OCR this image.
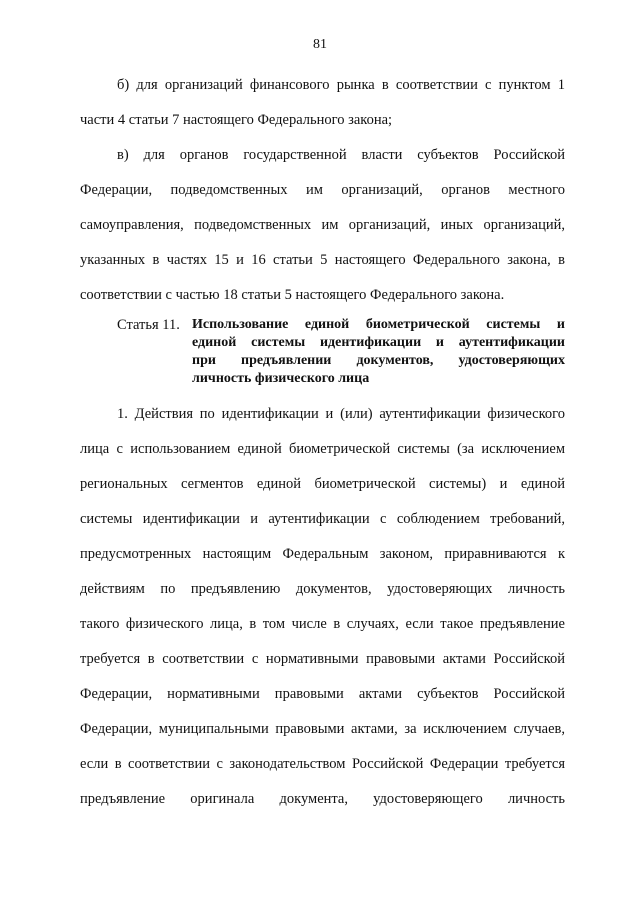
81
б) для организаций финансового рынка в соответствии с пунктом 1
части 4 статьи 7 настоящего Федерального закона;
в) для органов государственной власти субъектов Российской
Федерации, подведомственных им организаций, органов местного
самоуправления, подведомственных им организаций, иных организаций,
указанных в частях 15 и 16 статьи 5 настоящего Федерального закона, в
соответствии с частью 18 статьи 5 настоящего Федерального закона.
Статья 11. Использование единой биометрической системы и
единой системы идентификации и аутентификации
при предъявлении документов, удостоверяющих
личность физического лица
1. Действия по идентификации и (или) аутентификации физического
лица с использованием единой биометрической системы (за исключением
региональных сегментов единой биометрической системы) и единой
системы идентификации и аутентификации с соблюдением требований,
предусмотренных настоящим Федеральным законом, приравниваются к
действиям по предъявлению документов, удостоверяющих личность
такого физического лица, в том числе в случаях, если такое предъявление
требуется в соответствии с нормативными правовыми актами Российской
Федерации, нормативными правовыми актами субъектов Российской
Федерации, муниципальными правовыми актами, за исключением случаев,
если в соответствии с законодательством Российской Федерации требуется
предъявление оригинала документа, удостоверяющего личность
